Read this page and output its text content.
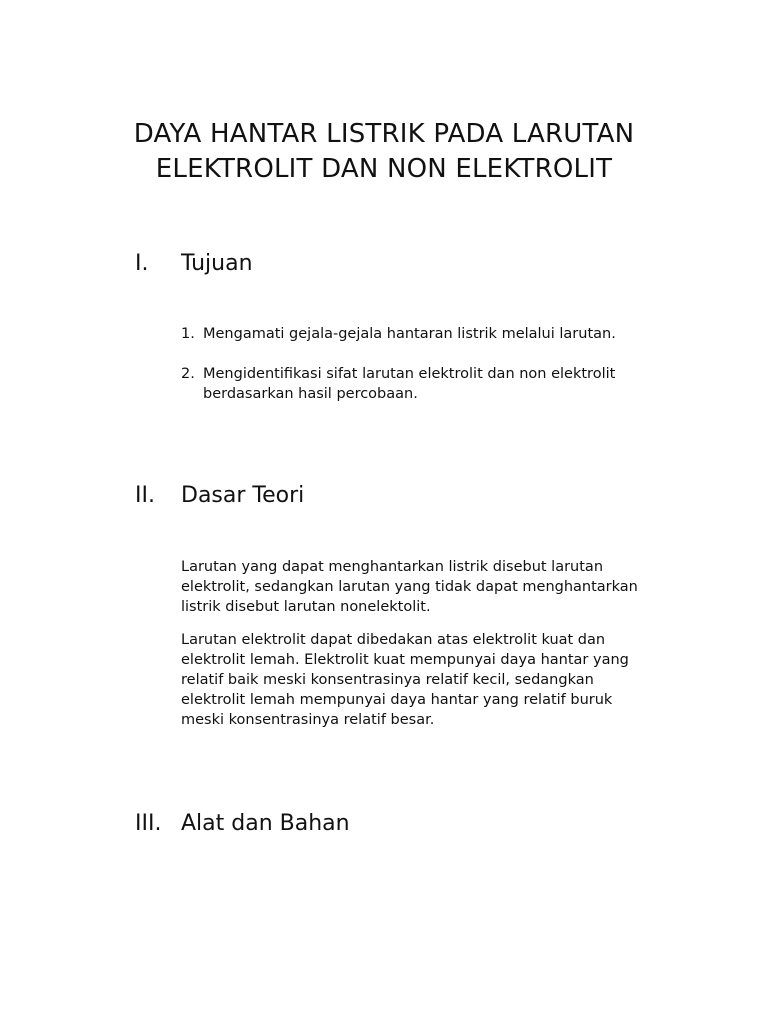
DAYA HANTAR LISTRIK PADA LARUTAN
ELEKTROLIT DAN NON ELEKTROLIT
I. Tujuan
1. Mengamati gejala-gejala hantaran listrik melalui larutan.
2. Mengidentifikasi sifat larutan elektrolit dan non elektrolit
berdasarkan hasil percobaan.
II. Dasar Teori

Larutan yang dapat menghantarkan listrik disebut larutan
elektrolit, sedangkan larutan yang tidak dapat menghantarkan
listrik disebut larutan nonelektolit.

Larutan elektrolit dapat dibedakan atas elektrolit kuat dan
elektrolit lemah. Elektrolit kuat mempunyai daya hantar yang
relatif baik meski konsentrasinya relatif kecil, sedangkan
elektrolit lemah mempunyai daya hantar yang relatif buruk
meski konsentrasinya relatif besar.

III. Alat dan Bahan
